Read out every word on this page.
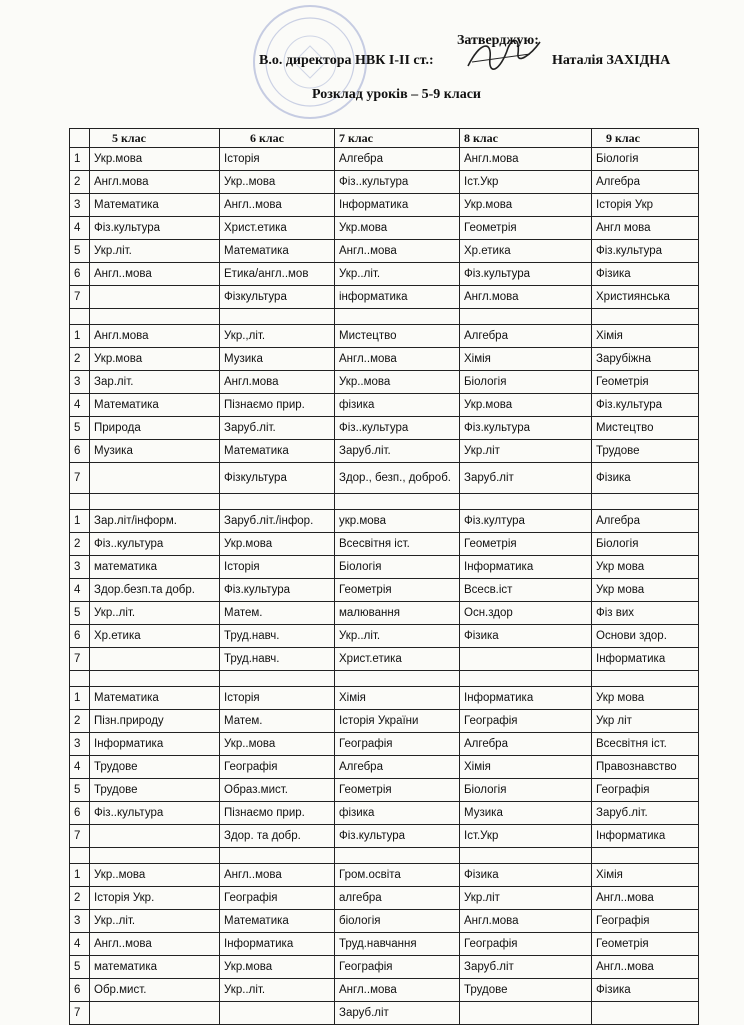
Затверджую:
В.о. директора НВК І-ІІ ст.:	Наталія ЗАХІДНА
Розклад уроків – 5-9 класи
	5 клас	6 клас	7 клас	8 клас	9 клас
1	Укр.мова	Історія	Алгебра	Англ.мова	Біологія
2	Англ.мова	Укр..мова	Фіз..культура	Іст.Укр	Алгебра
3	Математика	Англ..мова	Інформатика	Укр.мова	Історія Укр
4	Фіз.культура	Христ.етика	Укр.мова	Геометрія	Англ мова
5	Укр.літ.	Математика	Англ..мова	Хр.етика	Фіз.культура
6	Англ..мова	Етика/англ..мов	Укр..літ.	Фіз.культура	Фізика
7		Фізкультура	інформатика	Англ.мова	Християнська

1	Англ.мова	Укр.,літ.	Мистецтво	Алгебра	Хімія
2	Укр.мова	Музика	Англ..мова	Хімія	Зарубіжна
3	Зар.літ.	Англ.мова	Укр..мова	Біологія	Геометрія
4	Математика	Пізнаємо прир.	фізика	Укр.мова	Фіз.культура
5	Природа	Заруб.літ.	Фіз..культура	Фіз.культура	Мистецтво
6	Музика	Математика	Заруб.літ.	Укр.літ	Трудове
7		Фізкультура	Здор., безп., доброб.	Заруб.літ	Фізика

1	Зар.літ/інформ.	Заруб.літ./інфор.	укр.мова	Фіз.култура	Алгебра
2	Фіз..культура	Укр.мова	Всесвітня іст.	Геометрія	Біологія
3	математика	Історія	Біологія	Інформатика	Укр мова
4	Здор.безп.та добр.	Фіз.культура	Геометрія	Всесв.іст	Укр мова
5	Укр..літ.	Матем.	малювання	Осн.здор	Фіз вих
6	Хр.етика	Труд.навч.	Укр..літ.	Фізика	Основи здор.
7		Труд.навч.	Христ.етика		Інформатика

1	Математика	Історія	Хімія	Інформатика	Укр мова
2	Пізн.природу	Матем.	Історія України	Географія	Укр літ
3	Інформатика	Укр..мова	Географія	Алгебра	Всесвітня іст.
4	Трудове	Географія	Алгебра	Хімія	Правознавство
5	Трудове	Образ.мист.	Геометрія	Біологія	Географія
6	Фіз..культура	Пізнаємо прир.	фізика	Музика	Заруб.літ.
7		Здор. та добр.	Фіз.культура	Іст.Укр	Інформатика

1	Укр..мова	Англ..мова	Гром.освіта	Фізика	Хімія
2	Історія Укр.	Географія	алгебра	Укр.літ	Англ..мова
3	Укр..літ.	Математика	біологія	Англ.мова	Географія
4	Англ..мова	Інформатика	Труд.навчання	Географія	Геометрія
5	математика	Укр.мова	Географія	Заруб.літ	Англ..мова
6	Обр.мист.	Укр..літ.	Англ..мова	Трудове	Фізика
7			Заруб.літ		
